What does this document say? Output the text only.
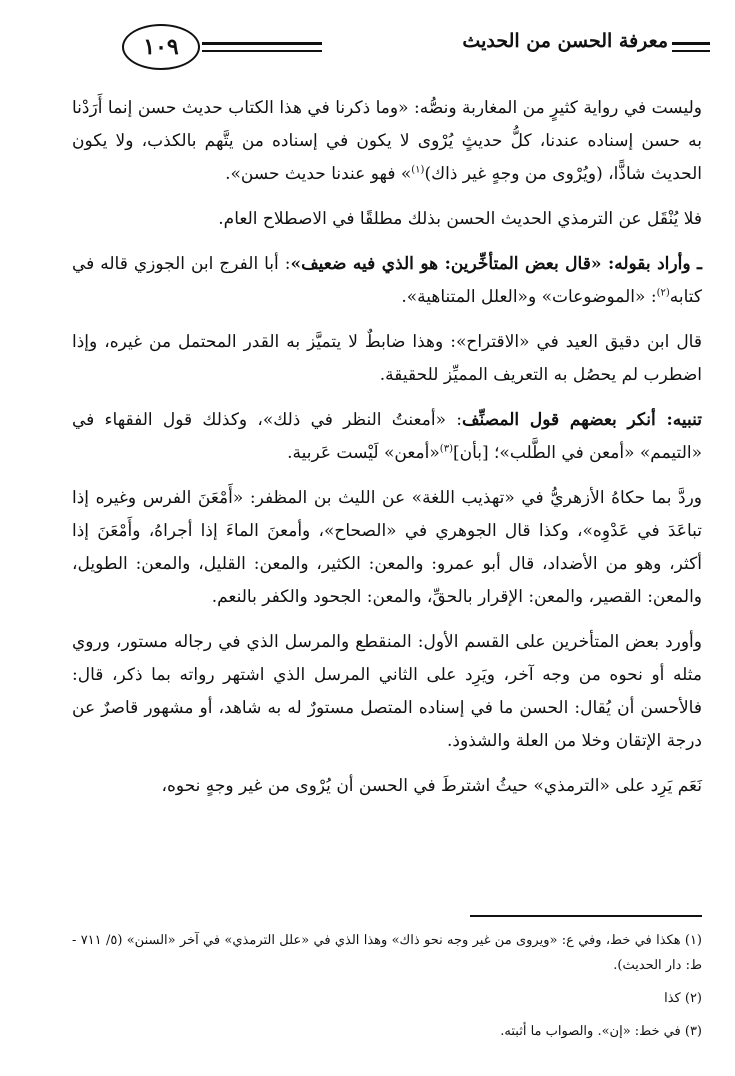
١٠٩	معرفة الحسن من الحديث

وليست في رواية كثيرٍ من المغاربة ونصُّه: «وما ذكرنا في هذا الكتاب حديث حسن إنما أَرَدْنا به حسن إسناده عندنا، كلُّ حديثٍ يُرْوى لا يكون في إسناده من يتَّهم بالكذب، ولا يكون الحديث شاذًّا، (ويُرْوى من وجهٍ غير ذاك)$^{(١)}$» فهو عندنا حديث حسن».

فلا يُنْقَل عن الترمذي الحديث الحسن بذلك مطلقًا في الاصطلاح العام.

ـ وأراد بقوله: «قال بعض المتأخِّرين: هو الذي فيه ضعيف»: أبا الفرج ابن الجوزي قاله في كتابه$^{(٢)}$: «الموضوعات» و«العلل المتناهية».

قال ابن دقيق العيد في «الاقتراح»: وهذا ضابطٌ لا يتميَّز به القدر المحتمل من غيره، وإذا اضطرب لم يحصُل به التعريف المميِّز للحقيقة.

تنبيه: أنكر بعضهم قول المصنِّف: «أمعنتُ النظر في ذلك»، وكذلك قول الفقهاء في «التيمم» «أمعن في الطَّلب»؛ [بأن]$^{(٣)}$«أمعن» لَيْست عَربية.

وردَّ بما حكاهُ الأزهريُّ في «تهذيب اللغة» عن الليث بن المظفر: «أَمْعَنَ الفرس وغيره إذا تباعَدَ في عَدْوِه»، وكذا قال الجوهري في «الصحاح»، وأمعنَ الماءَ إذا أجراهُ، وأَمْعَنَ إذا أكثر، وهو من الأضداد، قال أبو عمرو: والمعن: الكثير، والمعن: القليل، والمعن: الطويل، والمعن: القصير، والمعن: الإقرار بالحقِّ، والمعن: الجحود والكفر بالنعم.

وأورد بعض المتأخرين على القسم الأول: المنقطع والمرسل الذي في رجاله مستور، وروي مثله أو نحوه من وجه آخر، ويَرِد على الثاني المرسل الذي اشتهر رواته بما ذكر، قال: فالأحسن أن يُقال: الحسن ما في إسناده المتصل مستورٌ له به شاهد، أو مشهور قاصرٌ عن درجة الإتقان وخلا من العلة والشذوذ.

نَعَم يَرِد على «الترمذي» حيثُ اشترطَ في الحسن أن يُرْوى من غير وجهٍ نحوه،

(١) هكذا في خط، وفي ع: «ويروى من غير وجه نحو ذاك» وهذا الذي في «علل الترمذي» في آخر «السنن» (٥/ ٧١١ - ط: دار الحديث).

(٢) كذا

(٣) في خط: «إن». والصواب ما أثبته.
